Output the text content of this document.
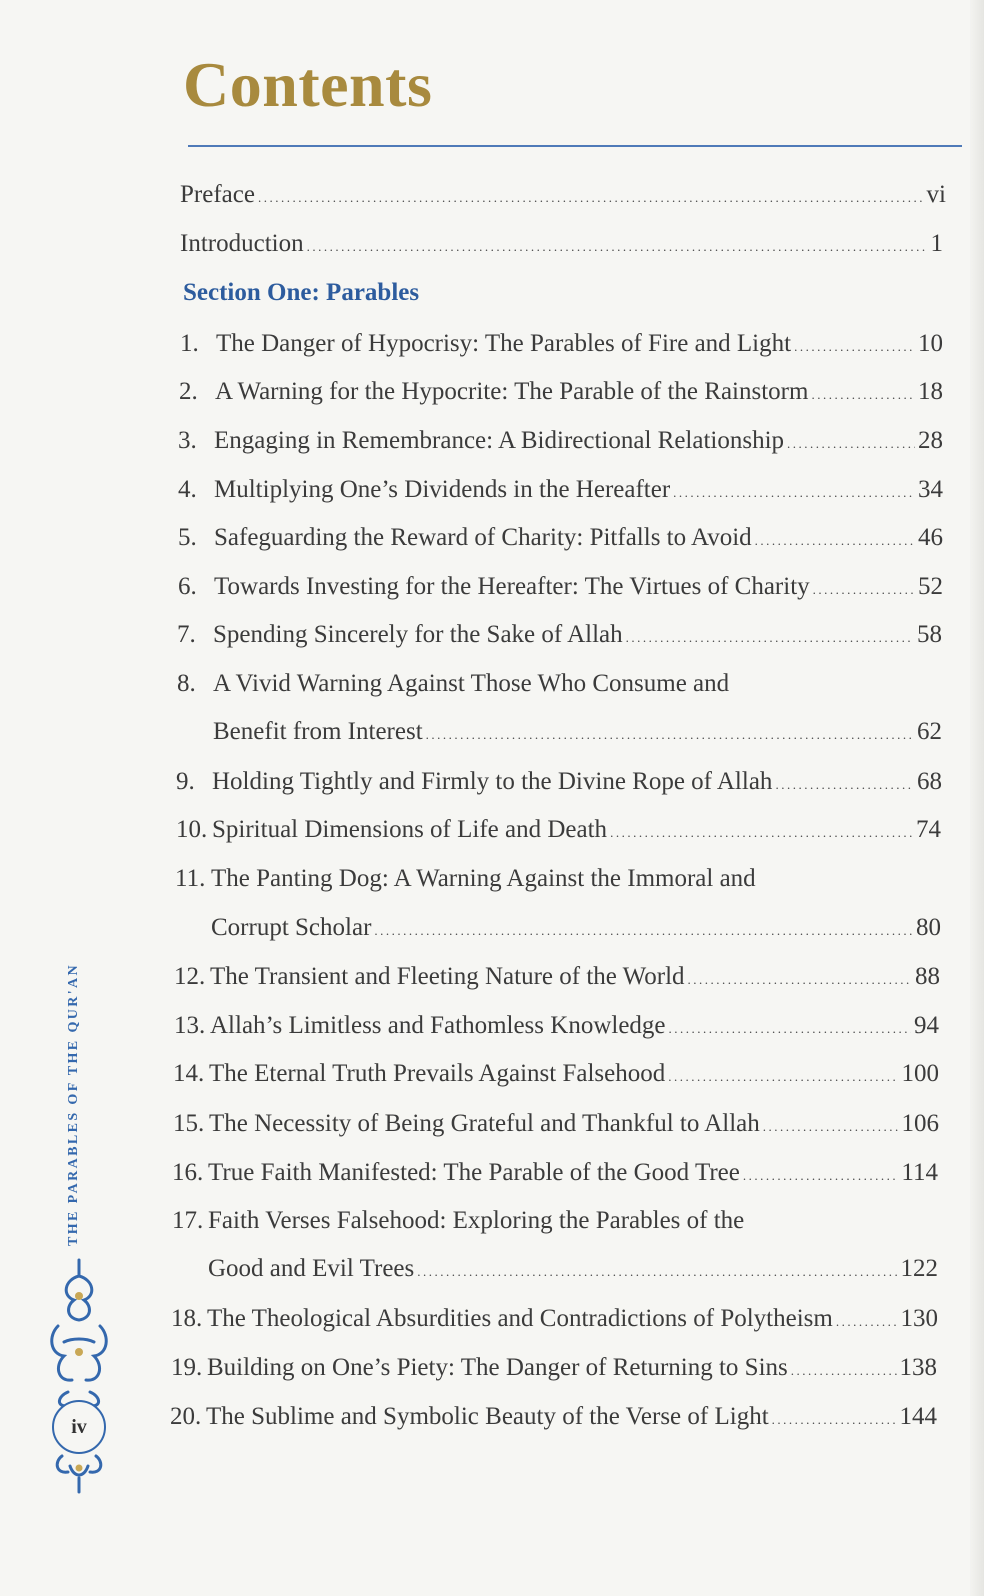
Contents
Preface .....	vi
Introduction .....	1
Section One: Parables
1. The Danger of Hypocrisy: The Parables of Fire and Light .....	10
2. A Warning for the Hypocrite: The Parable of the Rainstorm .....	18
3. Engaging in Remembrance: A Bidirectional Relationship .....	28
4. Multiplying One’s Dividends in the Hereafter .....	34
5. Safeguarding the Reward of Charity: Pitfalls to Avoid .....	46
6. Towards Investing for the Hereafter: The Virtues of Charity .....	52
7. Spending Sincerely for the Sake of Allah .....	58
8. A Vivid Warning Against Those Who Consume and
Benefit from Interest .....	62
9. Holding Tightly and Firmly to the Divine Rope of Allah .....	68
10. Spiritual Dimensions of Life and Death .....	74
11. The Panting Dog: A Warning Against the Immoral and
Corrupt Scholar .....	80
12. The Transient and Fleeting Nature of the World .....	88
13. Allah’s Limitless and Fathomless Knowledge .....	94
14. The Eternal Truth Prevails Against Falsehood .....	100
15. The Necessity of Being Grateful and Thankful to Allah .....	106
16. True Faith Manifested: The Parable of the Good Tree .....	114
17. Faith Verses Falsehood: Exploring the Parables of the
Good and Evil Trees .....	122
18. The Theological Absurdities and Contradictions of Polytheism .....	130
19. Building on One’s Piety: The Danger of Returning to Sins .....	138
20. The Sublime and Symbolic Beauty of the Verse of Light .....	144
THE PARABLES OF THE QUR'AN
iv
